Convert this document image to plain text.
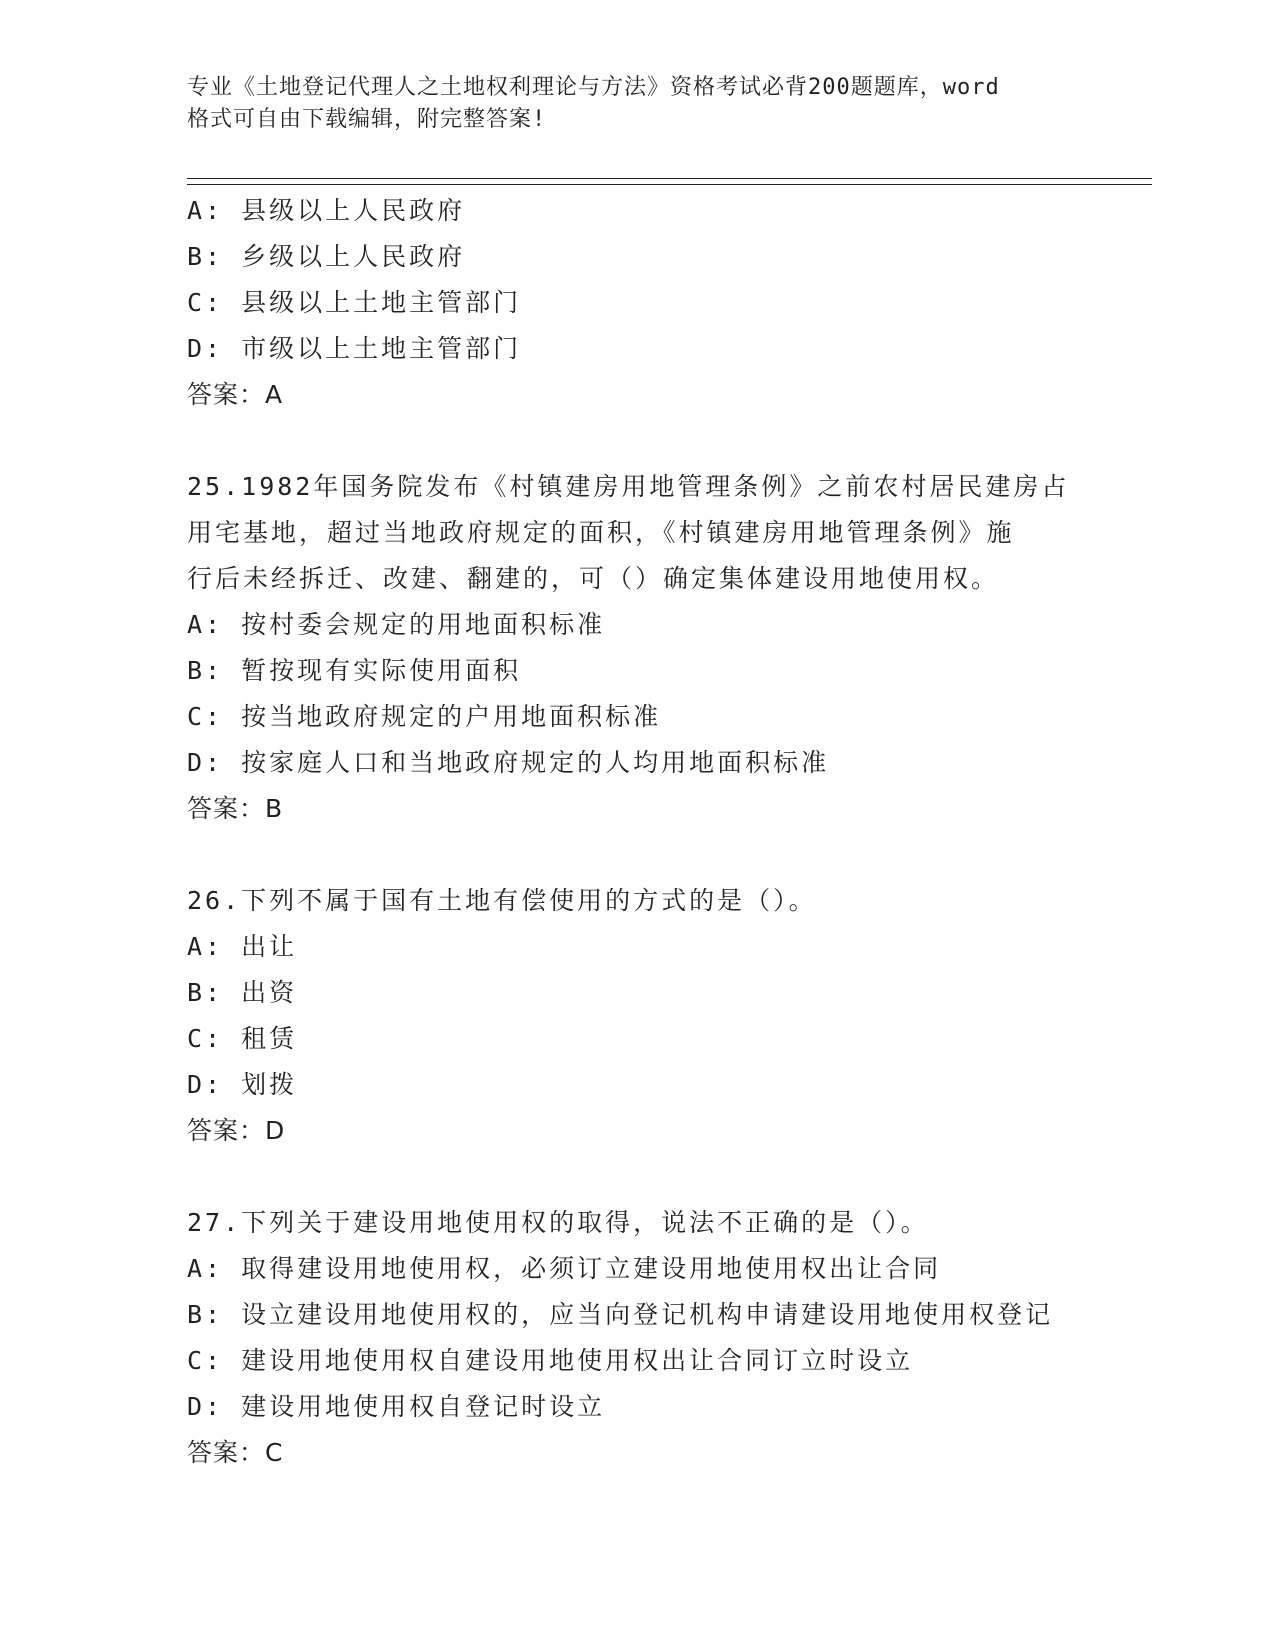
专业《土地登记代理人之土地权利理论与方法》资格考试必背200题题库，word
格式可自由下载编辑，附完整答案!
A: 县级以上人民政府
B: 乡级以上人民政府
C: 县级以上土地主管部门
D: 市级以上土地主管部门
答案：A
25.1982年国务院发布《村镇建房用地管理条例》之前农村居民建房占
用宅基地，超过当地政府规定的面积，《村镇建房用地管理条例》施
行后未经拆迁、改建、翻建的，可（）确定集体建设用地使用权。
A: 按村委会规定的用地面积标准
B: 暂按现有实际使用面积
C: 按当地政府规定的户用地面积标准
D: 按家庭人口和当地政府规定的人均用地面积标准
答案：B
26.下列不属于国有土地有偿使用的方式的是（）。
A: 出让
B: 出资
C: 租赁
D: 划拨
答案：D
27.下列关于建设用地使用权的取得，说法不正确的是（）。
A: 取得建设用地使用权，必须订立建设用地使用权出让合同
B: 设立建设用地使用权的，应当向登记机构申请建设用地使用权登记
C: 建设用地使用权自建设用地使用权出让合同订立时设立
D: 建设用地使用权自登记时设立
答案：C
